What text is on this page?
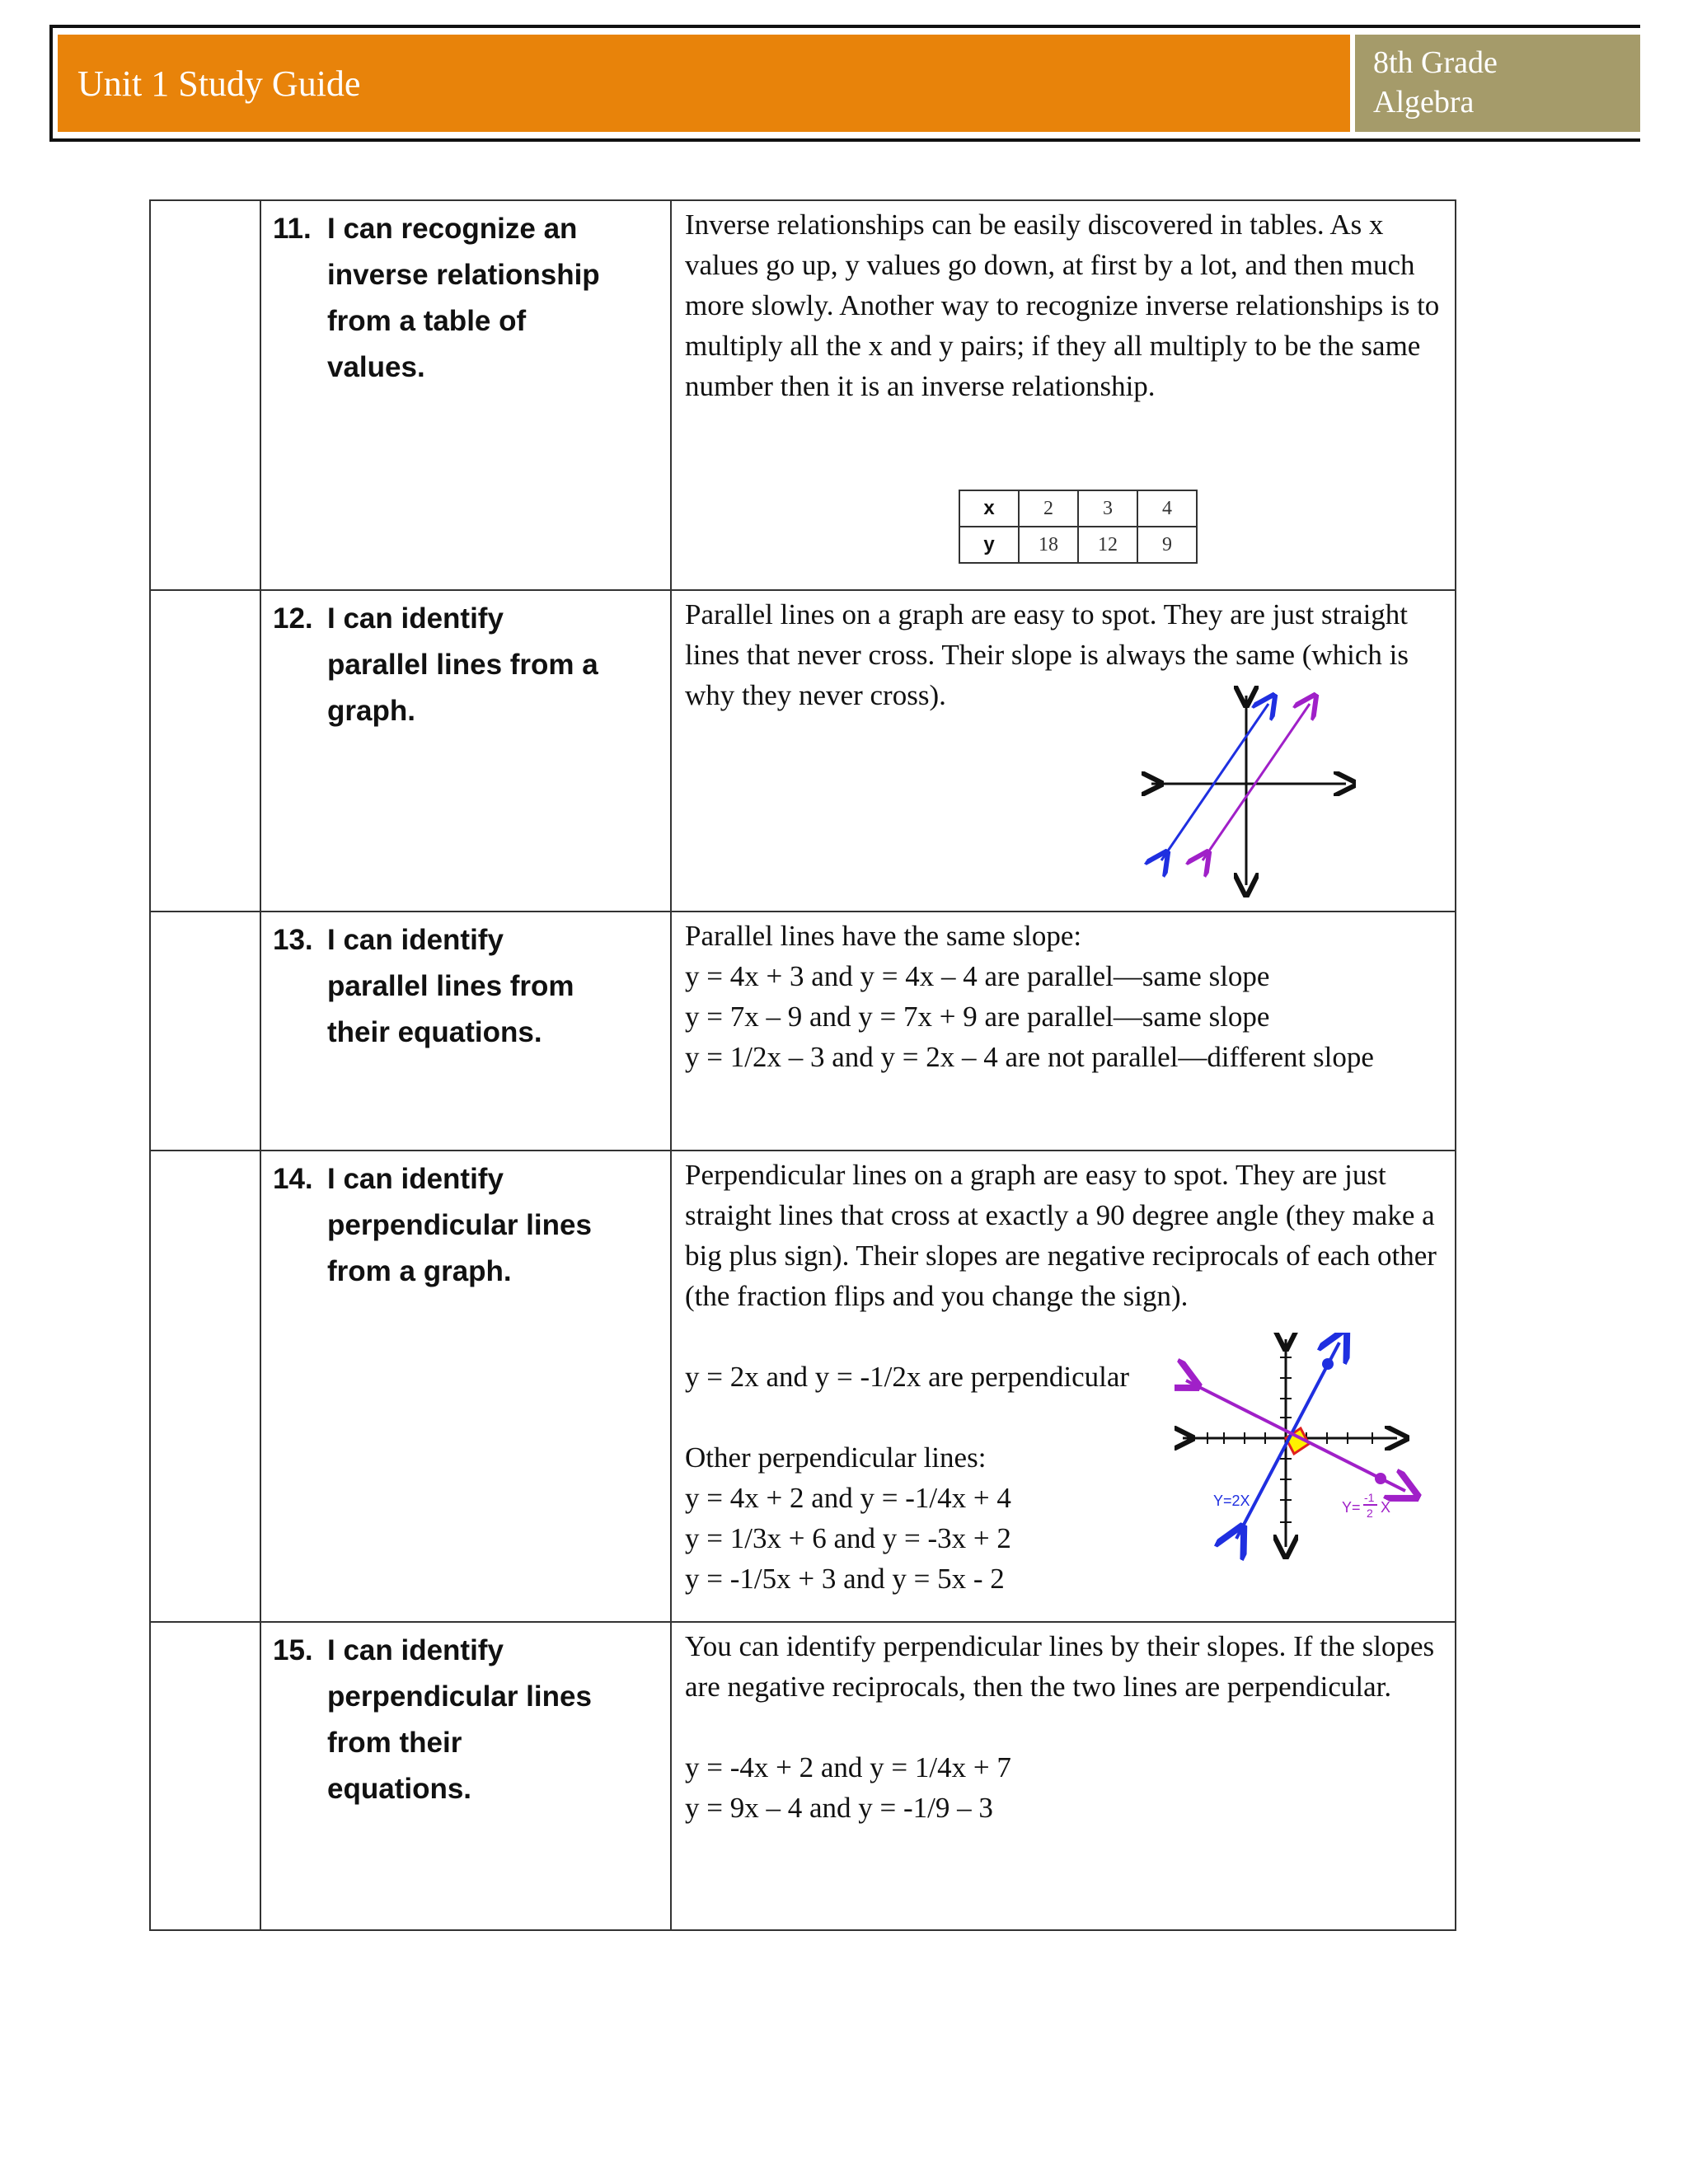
Unit 1 Study Guide
8th Grade
Algebra

11. I can recognize an
inverse relationship
from a table of
values.

Inverse relationships can be easily discovered in tables. As x values go up, y values go down, at first by a lot, and then much more slowly. Another way to recognize inverse relationships is to multiply all the x and y pairs; if they all multiply to be the same number then it is an inverse relationship.

x	2	3	4
y	18	12	9

12. I can identify
parallel lines from a
graph.

Parallel lines on a graph are easy to spot. They are just straight lines that never cross. Their slope is always the same (which is why they never cross).

13. I can identify
parallel lines from
their equations.

Parallel lines have the same slope:

y = 4x + 3 and y = 4x – 4 are parallel—same slope

y = 7x – 9 and y = 7x + 9 are parallel—same slope

y = 1/2x – 3 and y = 2x – 4 are not parallel—different slope

14. I can identify
perpendicular lines
from a graph.

Perpendicular lines on a graph are easy to spot. They are just straight lines that cross at exactly a 90 degree angle (they make a big plus sign). Their slopes are negative reciprocals of each other (the fraction flips and you change the sign).

y = 2x and y = -1/2x are perpendicular

Other perpendicular lines:

y = 4x + 2 and y = -1/4x + 4

y = 1/3x + 6 and y = -3x + 2

y = -1/5x + 3 and y = 5x - 2

Y=2X	Y=
-1
2 X

15. I can identify
perpendicular lines
from their
equations.

You can identify perpendicular lines by their slopes. If the slopes are negative reciprocals, then the two lines are perpendicular.

y = -4x + 2 and y = 1/4x + 7

y = 9x – 4 and y = -1/9 – 3
